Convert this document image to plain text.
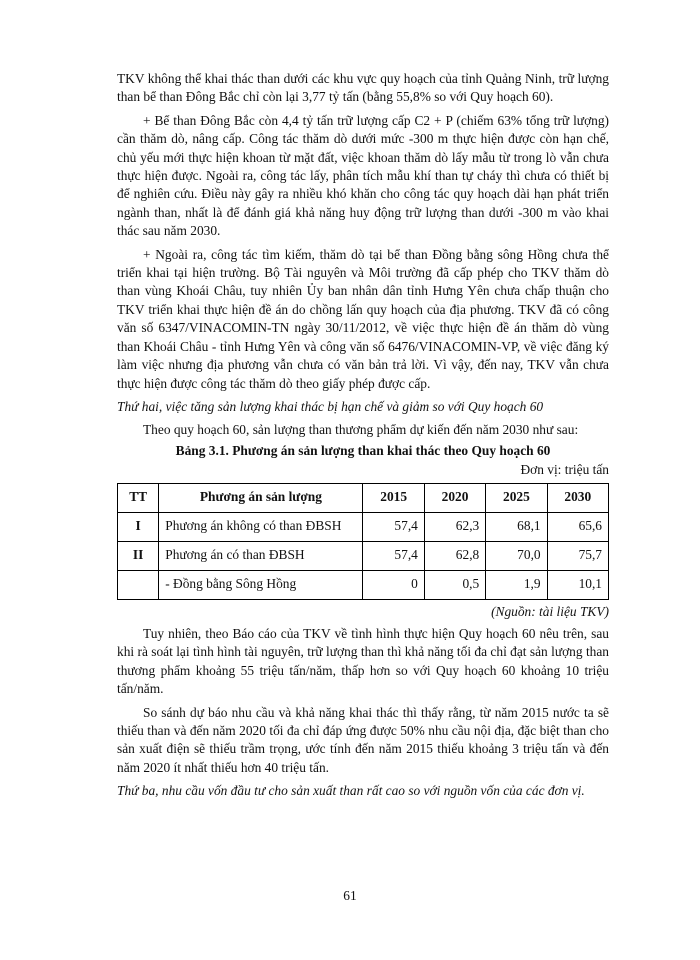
TKV không thể khai thác than dưới các khu vực quy hoạch của tỉnh Quảng Ninh, trữ lượng than bể than Đông Bắc chỉ còn lại 3,77 tỷ tấn (bằng 55,8% so với Quy hoạch 60).

+ Bể than Đông Bắc còn 4,4 tỷ tấn trữ lượng cấp C2 + P (chiếm 63% tổng trữ lượng) cần thăm dò, nâng cấp. Công tác thăm dò dưới mức -300 m thực hiện được còn hạn chế, chủ yếu mới thực hiện khoan từ mặt đất, việc khoan thăm dò lấy mẫu từ trong lò vẫn chưa thực hiện được. Ngoài ra, công tác lấy, phân tích mẫu khí than tự cháy thì chưa có thiết bị để nghiên cứu. Điều này gây ra nhiều khó khăn cho công tác quy hoạch dài hạn phát triển ngành than, nhất là để đánh giá khả năng huy động trữ lượng than dưới -300 m vào khai thác sau năm 2030.

+ Ngoài ra, công tác tìm kiếm, thăm dò tại bể than Đồng bằng sông Hồng chưa thể triển khai tại hiện trường. Bộ Tài nguyên và Môi trường đã cấp phép cho TKV thăm dò than vùng Khoái Châu, tuy nhiên Ủy ban nhân dân tỉnh Hưng Yên chưa chấp thuận cho TKV triển khai thực hiện đề án do chồng lấn quy hoạch của địa phương. TKV đã có công văn số 6347/VINACOMIN-TN ngày 30/11/2012, về việc thực hiện đề án thăm dò vùng than Khoái Châu - tỉnh Hưng Yên và công văn số 6476/VINACOMIN-VP, về việc đăng ký làm việc nhưng địa phương vẫn chưa có văn bản trả lời. Vì vậy, đến nay, TKV vẫn chưa thực hiện được công tác thăm dò theo giấy phép được cấp.

Thứ hai, việc tăng sản lượng khai thác bị hạn chế và giảm so với Quy hoạch 60

Theo quy hoạch 60, sản lượng than thương phẩm dự kiến đến năm 2030 như sau:

Bảng 3.1. Phương án sản lượng than khai thác theo Quy hoạch 60

Đơn vị: triệu tấn

TT	Phương án sản lượng	2015	2020	2025	2030
I	Phương án không có than ĐBSH	57,4	62,3	68,1	65,6
II	Phương án có than ĐBSH	57,4	62,8	70,0	75,7
	- Đồng bằng Sông Hồng	0	0,5	1,9	10,1

(Nguồn: tài liệu TKV)

Tuy nhiên, theo Báo cáo của TKV về tình hình thực hiện Quy hoạch 60 nêu trên, sau khi rà soát lại tình hình tài nguyên, trữ lượng than thì khả năng tối đa chỉ đạt sản lượng than thương phẩm khoảng 55 triệu tấn/năm, thấp hơn so với Quy hoạch 60 khoảng 10 triệu tấn/năm.

So sánh dự báo nhu cầu và khả năng khai thác thì thấy rằng, từ năm 2015 nước ta sẽ thiếu than và đến năm 2020 tối đa chỉ đáp ứng được 50% nhu cầu nội địa, đặc biệt than cho sản xuất điện sẽ thiếu trầm trọng, ước tính đến năm 2015 thiếu khoảng 3 triệu tấn và đến năm 2020 ít nhất thiếu hơn 40 triệu tấn.

Thứ ba, nhu cầu vốn đầu tư cho sản xuất than rất cao so với nguồn vốn của các đơn vị.

61
